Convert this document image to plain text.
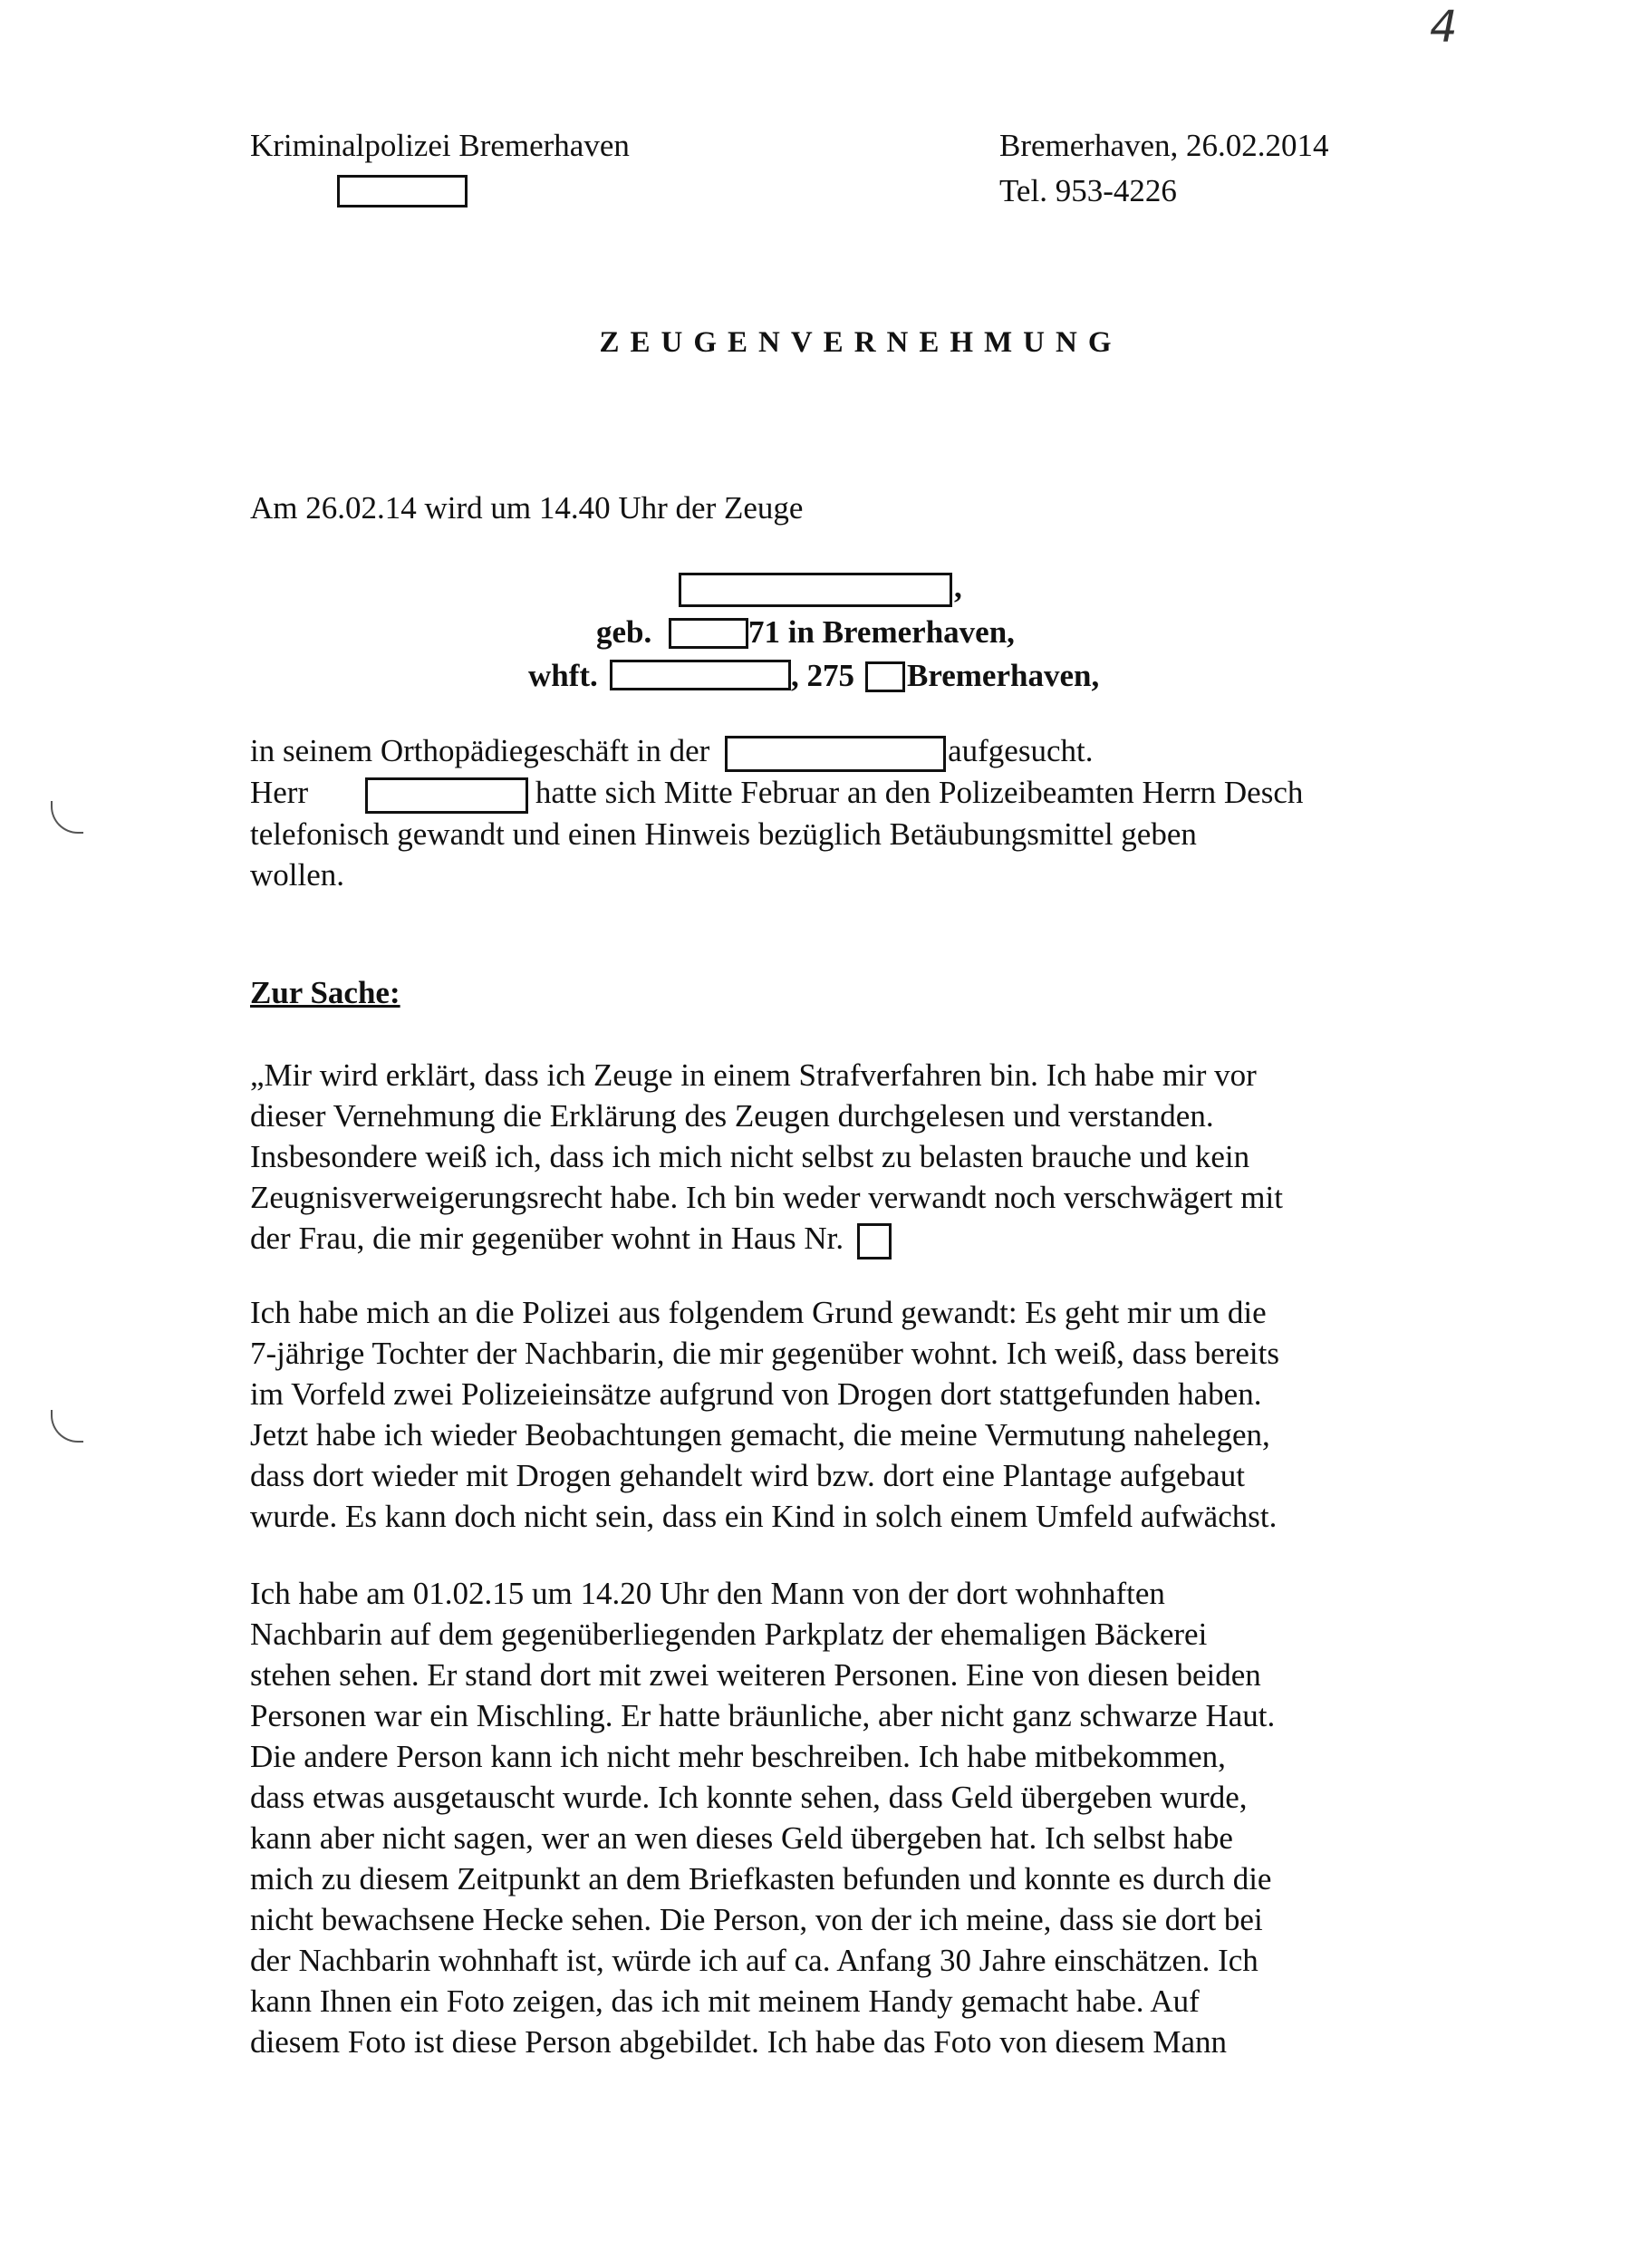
4
Kriminalpolizei Bremerhaven	Bremerhaven, 26.02.2014
Tel. 953-4226
ZEUGENVERNEHMUNG
Am 26.02.14 wird um 14.40 Uhr der Zeuge
,
geb.	71 in Bremerhaven,
whft.	, 275 Bremerhaven,

in seinem Orthopädiegeschäft in der	aufgesucht.

Herr	hatte sich Mitte Februar an den Polizeibeamten Herrn Desch

telefonisch gewandt und einen Hinweis bezüglich Betäubungsmittel geben

wollen.

Zur Sache:

„Mir wird erklärt, dass ich Zeuge in einem Strafverfahren bin. Ich habe mir vor

dieser Vernehmung die Erklärung des Zeugen durchgelesen und verstanden.

Insbesondere weiß ich, dass ich mich nicht selbst zu belasten brauche und kein

Zeugnisverweigerungsrecht habe. Ich bin weder verwandt noch verschwägert mit

der Frau, die mir gegenüber wohnt in Haus Nr.

Ich habe mich an die Polizei aus folgendem Grund gewandt: Es geht mir um die

7-jährige Tochter der Nachbarin, die mir gegenüber wohnt. Ich weiß, dass bereits

im Vorfeld zwei Polizeieinsätze aufgrund von Drogen dort stattgefunden haben.

Jetzt habe ich wieder Beobachtungen gemacht, die meine Vermutung nahelegen,

dass dort wieder mit Drogen gehandelt wird bzw. dort eine Plantage aufgebaut

wurde. Es kann doch nicht sein, dass ein Kind in solch einem Umfeld aufwächst.

Ich habe am 01.02.15 um 14.20 Uhr den Mann von der dort wohnhaften

Nachbarin auf dem gegenüberliegenden Parkplatz der ehemaligen Bäckerei

stehen sehen. Er stand dort mit zwei weiteren Personen. Eine von diesen beiden

Personen war ein Mischling. Er hatte bräunliche, aber nicht ganz schwarze Haut.

Die andere Person kann ich nicht mehr beschreiben. Ich habe mitbekommen,

dass etwas ausgetauscht wurde. Ich konnte sehen, dass Geld übergeben wurde,

kann aber nicht sagen, wer an wen dieses Geld übergeben hat. Ich selbst habe

mich zu diesem Zeitpunkt an dem Briefkasten befunden und konnte es durch die

nicht bewachsene Hecke sehen. Die Person, von der ich meine, dass sie dort bei

der Nachbarin wohnhaft ist, würde ich auf ca. Anfang 30 Jahre einschätzen. Ich

kann Ihnen ein Foto zeigen, das ich mit meinem Handy gemacht habe. Auf

diesem Foto ist diese Person abgebildet. Ich habe das Foto von diesem Mann
